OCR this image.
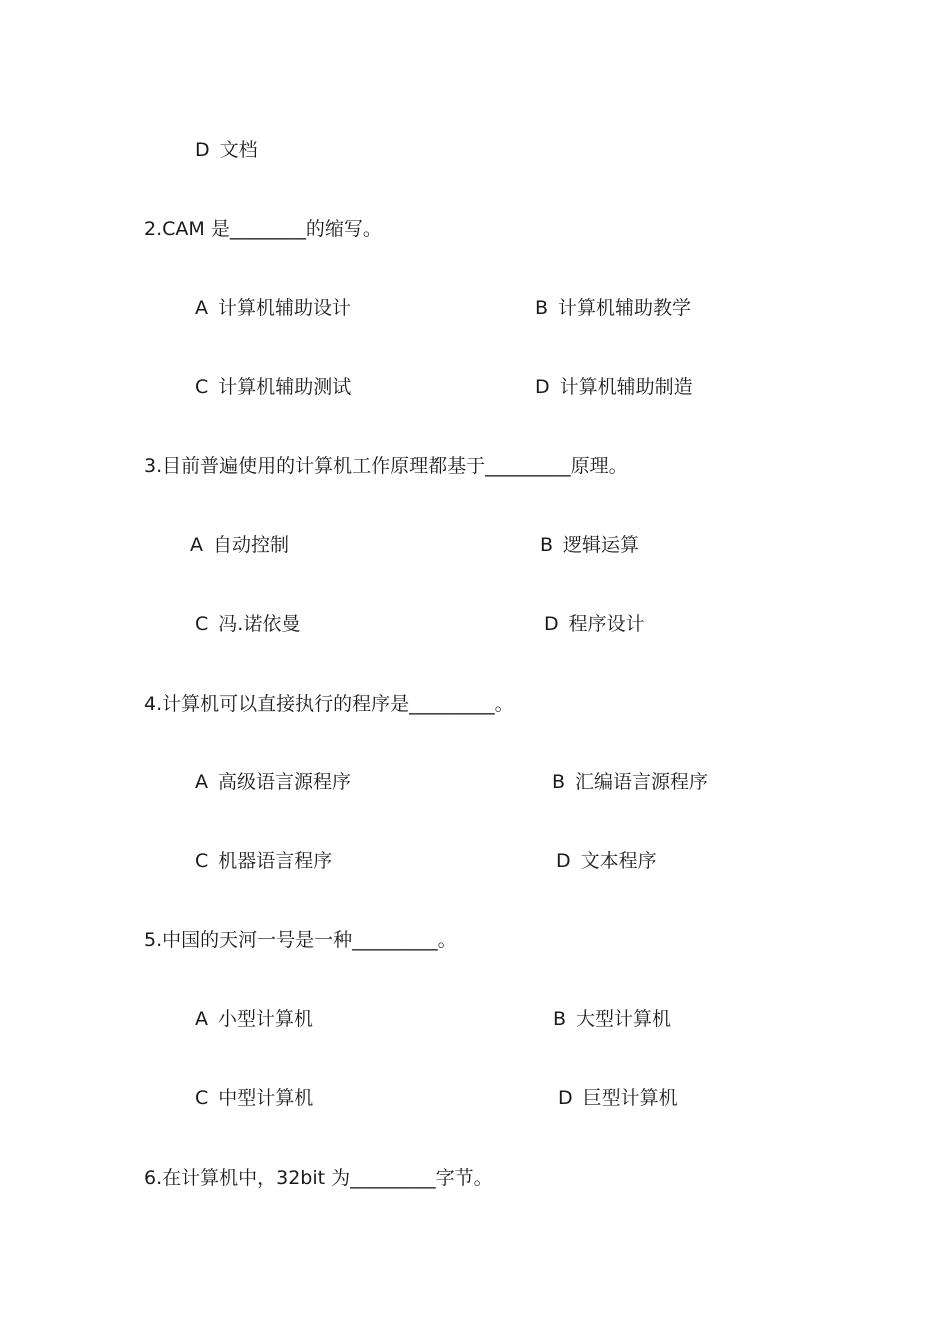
D 文档
2.CAM 是________的缩写。
A 计算机辅助设计	B 计算机辅助教学
C 计算机辅助测试	D 计算机辅助制造
3.目前普遍使用的计算机工作原理都基于_________原理。
A 自动控制	B 逻辑运算
C 冯.诺依曼	D 程序设计
4.计算机可以直接执行的程序是_________。
A 高级语言源程序	B 汇编语言源程序
C 机器语言程序	D 文本程序
5.中国的天河一号是一种_________。
A 小型计算机	B 大型计算机
C 中型计算机	D 巨型计算机
6.在计算机中，32bit 为_________字节。
